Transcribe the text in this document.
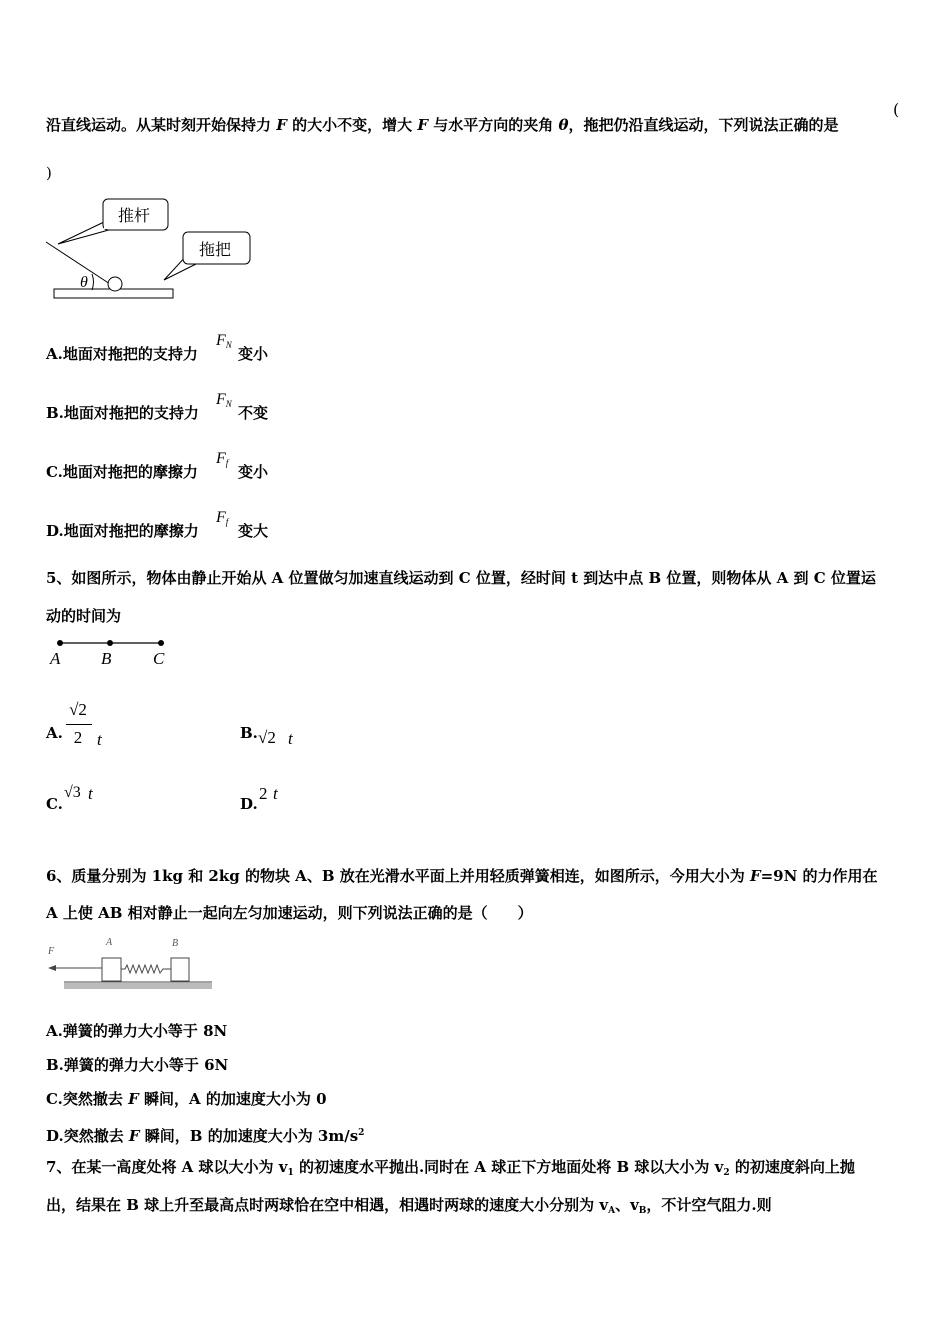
沿直线运动。从某时刻开始保持力 F 的大小不变，增大 F 与水平方向的夹角 θ，拖把仍沿直线运动，下列说法正确的是
(
)
θ
推杆
拖把
A.地面对拖把的支持力
FN 变小
B.地面对拖把的支持力
FN 不变
C.地面对拖把的摩擦力
Ff 变小
D.地面对拖把的摩擦力
Ff 变大
5、如图所示，物体由静止开始从 A 位置做匀加速直线运动到 C 位置，经时间 t 到达中点 B 位置，则物体从 A 到 C 位置运
动的时间为
A B C
A.
√2
2 t	B. √2 t
C.
√3 t
D.
2 t
6、质量分别为 1kg 和 2kg 的物块 A、B 放在光滑水平面上并用轻质弹簧相连，如图所示，今用大小为 F=9N 的力作用在
A 上使 AB 相对静止一起向左匀加速运动，则下列说法正确的是（　　）
F
A	B
A.弹簧的弹力大小等于 8N
B.弹簧的弹力大小等于 6N
C.突然撤去 F 瞬间，A 的加速度大小为 0
D.突然撤去 F 瞬间，B 的加速度大小为 $3m/s^2$
7、在某一高度处将 A 球以大小为 $v_1$ 的初速度水平抛出.同时在 A 球正下方地面处将 B 球以大小为 $v_2$ 的初速度斜向上抛
出，结果在 B 球上升至最高点时两球恰在空中相遇，相遇时两球的速度大小分别为 $v_A$、$v_B$，不计空气阻力.则
